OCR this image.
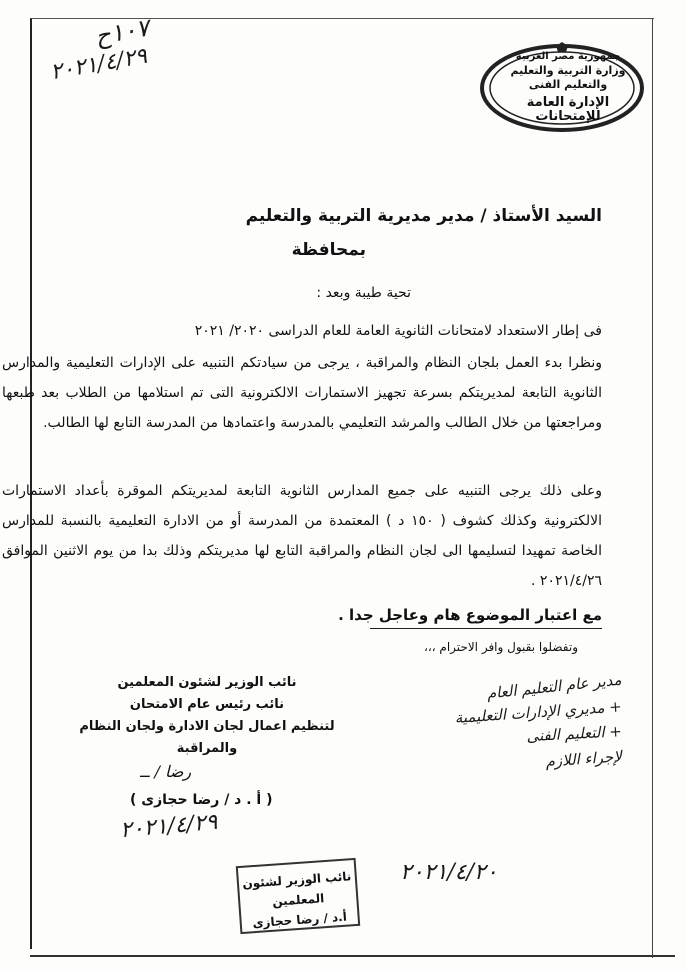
جمهورية مصر العربية
وزارة التربية والتعليم والتعليم الفنى
الإدارة العامة للإمتحانات
١٠٧ح
٢٠٢١/٤/٢٩
السيد الأستاذ / مدير مديرية التربية والتعليم
بمحافظة
تحية طيبة وبعد :
فى إطار الاستعداد لامتحانات الثانوية العامة للعام الدراسى ٢٠٢٠/ ٢٠٢١
ونظرا بدء العمل بلجان النظام والمراقبة ، يرجى من سيادتكم التنبيه على الإدارات التعليمية والمدارس الثانوية التابعة لمديريتكم بسرعة تجهيز الاستمارات الالكترونية التى تم استلامها من الطلاب بعد طبعها ومراجعتها من خلال الطالب والمرشد التعليمي بالمدرسة واعتمادها من المدرسة التابع لها الطالب.
وعلى ذلك يرجى التنبيه على جميع المدارس الثانوية التابعة لمديريتكم الموقرة بأعداد الاستمارات الالكترونية وكذلك كشوف ( ١٥٠ د ) المعتمدة من المدرسة أو من الادارة التعليمية بالنسبة للمدارس الخاصة تمهيدا لتسليمها الى لجان النظام والمراقبة التابع لها مديريتكم وذلك بدا من يوم الاثنين الموافق ٢٠٢١/٤/٢٦ .
مع اعتبار الموضوع هام وعاجل جدا .
وتفضلوا بقبول وافر الاحترام ،،،
نائب الوزير لشئون المعلمين
نائب رئيس عام الامتحان
لتنظيم اعمال لجان الادارة ولجان النظام والمراقبة
رضا / ــ
( أ . د / رضا حجازى )
٢٠٢١/٤/٢٩
نائب الوزير لشئون المعلمين
أ.د / رضا حجازى
مدير عام التعليم العام
+ مديري الإدارات التعليمية
+ التعليم الفنى
لإجراء اللازم
٢٠٢١/٤/٢٠
